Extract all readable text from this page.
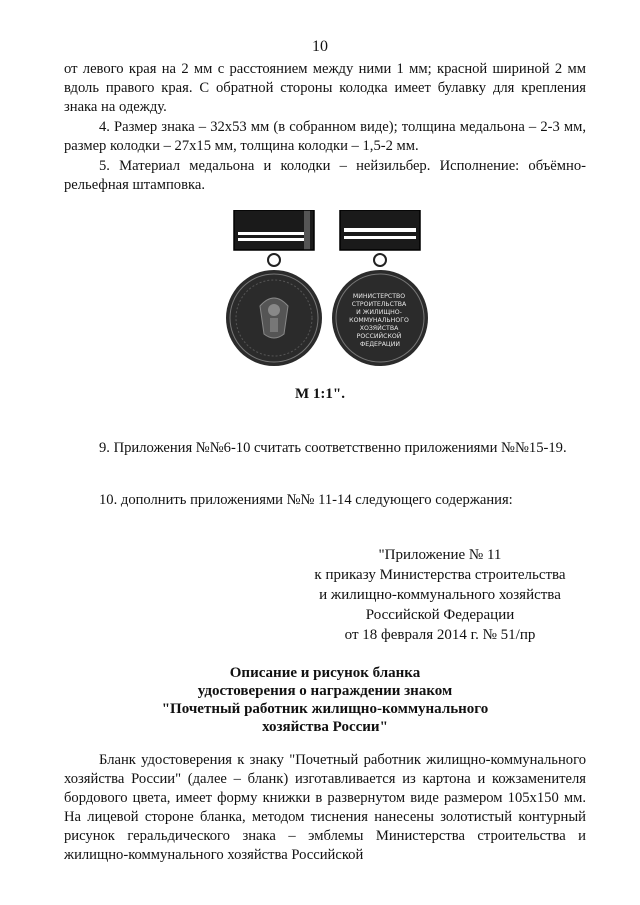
10
от левого края на 2 мм с расстоянием между ними 1 мм; красной шириной 2 мм вдоль правого края. С обратной стороны колодка имеет булавку для крепления знака на одежду.
4. Размер знака – 32x53 мм (в собранном виде); толщина медальона – 2-3 мм, размер колодки – 27x15 мм, толщина колодки – 1,5-2 мм.
5. Материал медальона и колодки – нейзильбер. Исполнение: объёмно-рельефная штамповка.
МИНИСТЕРСТВО СТРОИТЕЛЬСТВА И ЖИЛИЩНО- КОММУНАЛЬНОГО ХОЗЯЙСТВА РОССИЙСКОЙ ФЕДЕРАЦИИ
М 1:1".
9. Приложения №№6-10 считать соответственно приложениями №№15-19.
10. дополнить приложениями №№ 11-14 следующего содержания:
"Приложение № 11
к приказу Министерства строительства
и жилищно-коммунального хозяйства
Российской Федерации
от 18 февраля 2014 г. № 51/пр
Описание и рисунок бланка
удостоверения о награждении знаком
"Почетный работник жилищно-коммунального
хозяйства России"
Бланк удостоверения к знаку "Почетный работник жилищно-коммунального хозяйства России" (далее – бланк) изготавливается из картона и кожзаменителя бордового цвета, имеет форму книжки в развернутом виде размером 105x150 мм. На лицевой стороне бланка, методом тиснения нанесены золотистый контурный рисунок геральдического знака – эмблемы Министерства строительства и жилищно-коммунального хозяйства Российской
